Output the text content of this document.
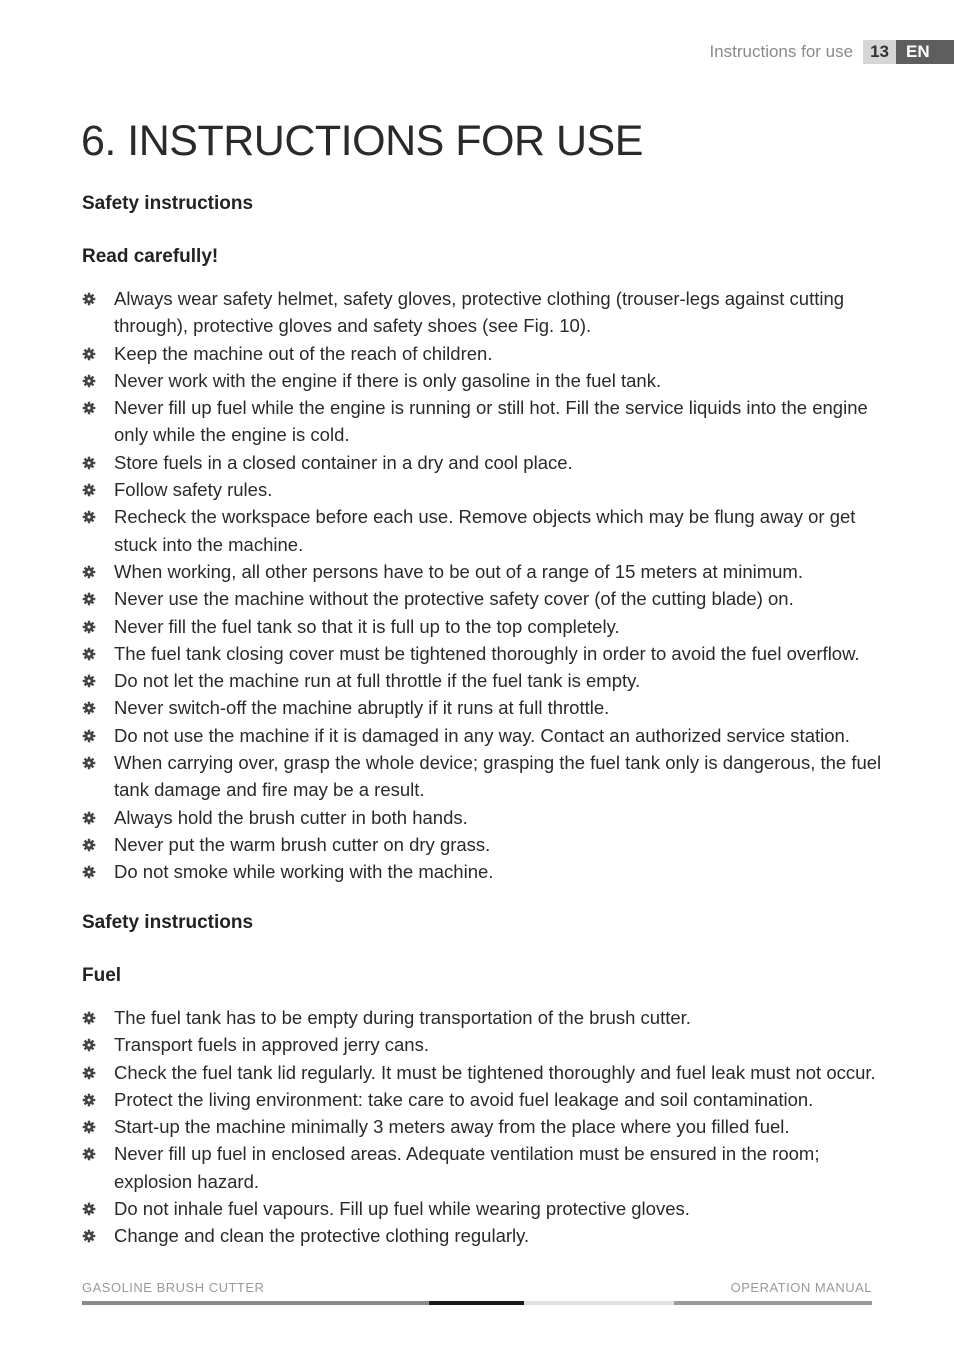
Instructions for use	13	EN
6. INSTRUCTIONS FOR USE
Safety instructions
Read carefully!
Always wear safety helmet, safety gloves, protective clothing (trouser-legs against cutting through), protective gloves and safety shoes (see Fig. 10).
Keep the machine out of the reach of children.
Never work with the engine if there is only gasoline in the fuel tank.
Never fill up fuel while the engine is running or still hot. Fill the service liquids into the engine only while the engine is cold.
Store fuels in a closed container in a dry and cool place.
Follow safety rules.
Recheck the workspace before each use. Remove objects which may be flung away or get stuck into the machine.
When working, all other persons have to be out of a range of 15 meters at minimum.
Never use the machine without the protective safety cover (of the cutting blade) on.
Never fill the fuel tank so that it is full up to the top completely.
The fuel tank closing cover must be tightened thoroughly in order to avoid the fuel overflow.
Do not let the machine run at full throttle if the fuel tank is empty.
Never switch-off the machine abruptly if it runs at full throttle.
Do not use the machine if it is damaged in any way. Contact an authorized service station.
When carrying over, grasp the whole device; grasping the fuel tank only is dangerous, the fuel tank damage and fire may be a result.
Always hold the brush cutter in both hands.
Never put the warm brush cutter on dry grass.
Do not smoke while working with the machine.
Safety instructions
Fuel
The fuel tank has to be empty during transportation of the brush cutter.
Transport fuels in approved jerry cans.
Check the fuel tank lid regularly. It must be tightened thoroughly and fuel leak must not occur.
Protect the living environment: take care to avoid fuel leakage and soil contamination.
Start-up the machine minimally 3 meters away from the place where you filled fuel.
Never fill up fuel in enclosed areas. Adequate ventilation must be ensured in the room; explosion hazard.
Do not inhale fuel vapours. Fill up fuel while wearing protective gloves.
Change and clean the protective clothing regularly.
GASOLINE BRUSH CUTTER	OPERATION MANUAL
